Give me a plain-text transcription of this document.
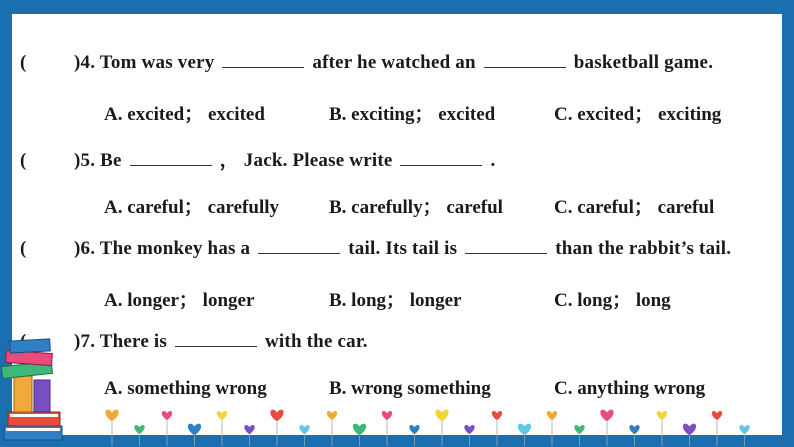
( )4. Tom was very	after he watched an	basketball game.
A. excited； excited	B. exciting； excited	C. excited； exciting
( )5. Be	， Jack. Please write	.
A. careful； carefully	B. carefully； careful	C. careful； careful
( )6. The monkey has a	tail. Its tail is	than the rabbit’s tail.
A. longer； longer	B. long； longer	C. long； long
)7. There is	with the car.
A. something wrong	B. wrong something	C. anything wrong
